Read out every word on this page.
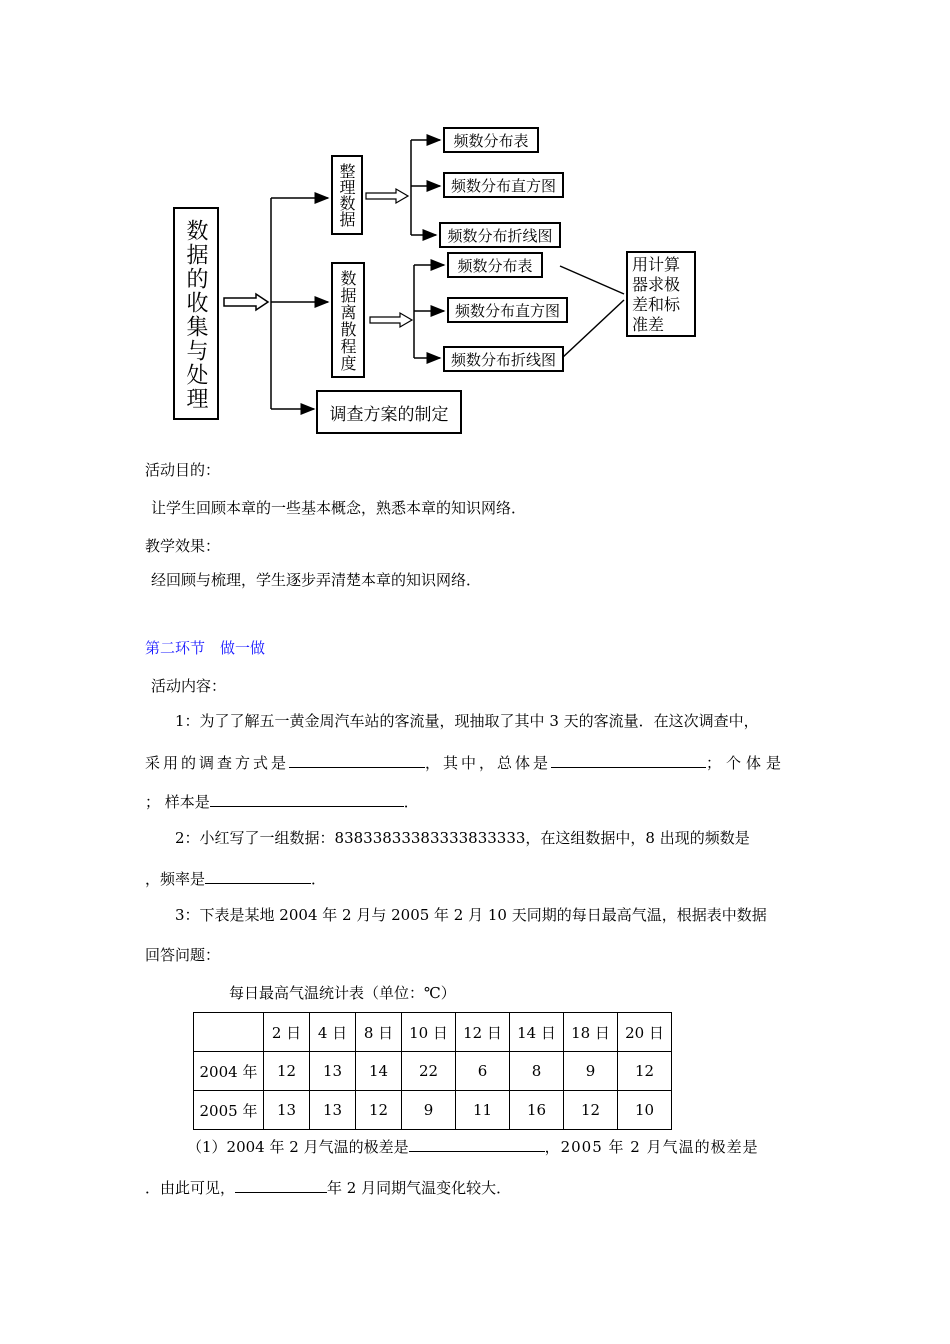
数据的收集与处理
整理数据
数据离散程度
调查方案的制定
频数分布表
频数分布直方图
频数分布折线图
频数分布表
频数分布直方图
频数分布折线图
用计算器求极差和标准差
活动目的：
让学生回顾本章的一些基本概念，熟悉本章的知识网络．
教学效果：
经回顾与梳理，学生逐步弄清楚本章的知识网络．
第二环节　做一做
活动内容：
1：为了了解五一黄金周汽车站的客流量，现抽取了其中 3 天的客流量．在这次调查中，
采用的调查方式是	，其中，总体是	；个体是
； 样本是	．
2：小红写了一组数据：83833833383333833333，在这组数据中，8 出现的频数是
，频率是	．
3：下表是某地 2004 年 2 月与 2005 年 2 月 10 天同期的每日最高气温，根据表中数据
回答问题：
每日最高气温统计表（单位：℃）
	2 日	4 日	8 日	10 日	12 日	14 日	18 日	20 日
2004 年	12	13	14	22	6	8	9	12
2005 年	13	13	12	9	11	16	12	10
（1）2004 年 2 月气温的极差是	，2005 年 2 月气温的极差是
．由此可见，	年 2 月同期气温变化较大．
